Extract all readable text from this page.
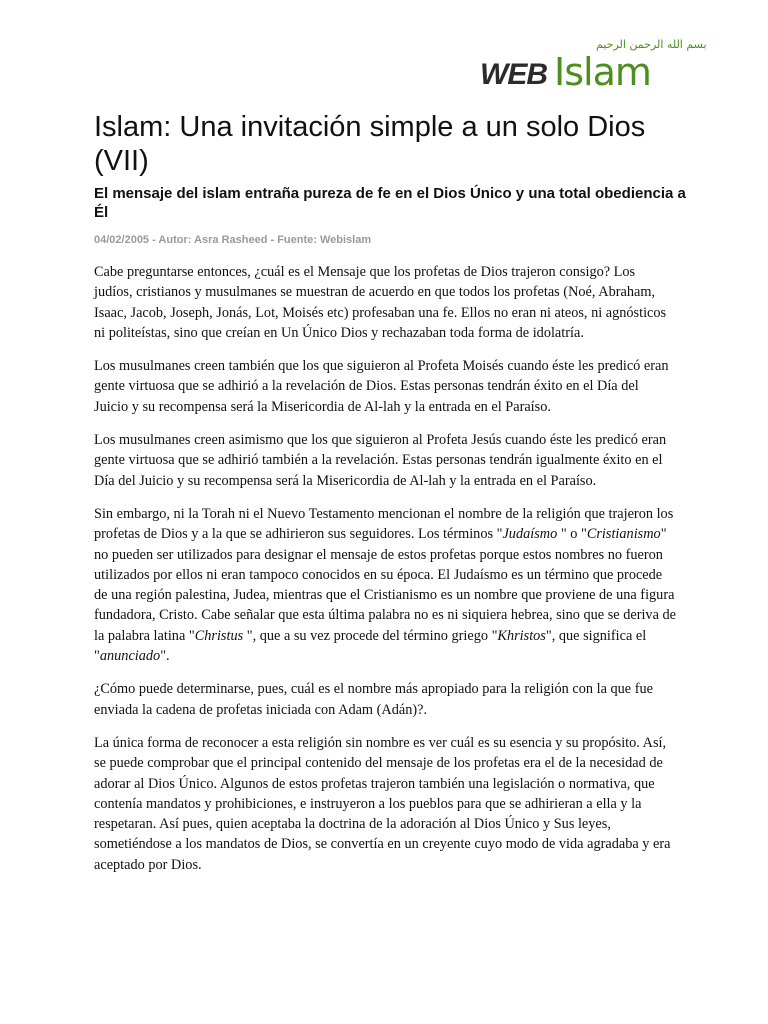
بسم الله الرحمن الرحيم
WEB Islam
Islam: Una invitación simple a un solo Dios (VII)

El mensaje del islam entraña pureza de fe en el Dios Único y una total obediencia a Él

04/02/2005 - Autor: Asra Rasheed - Fuente: Webislam

Cabe preguntarse entonces, ¿cuál es el Mensaje que los profetas de Dios trajeron consigo? Los judíos, cristianos y musulmanes se muestran de acuerdo en que todos los profetas (Noé, Abraham, Isaac, Jacob, Joseph, Jonás, Lot, Moisés etc) profesaban una fe. Ellos no eran ni ateos, ni agnósticos ni politeístas, sino que creían en Un Único Dios y rechazaban toda forma de idolatría.

Los musulmanes creen también que los que siguieron al Profeta Moisés cuando éste les predicó eran gente virtuosa que se adhirió a la revelación de Dios. Estas personas tendrán éxito en el Día del Juicio y su recompensa será la Misericordia de Al-lah y la entrada en el Paraíso.

Los musulmanes creen asimismo que los que siguieron al Profeta Jesús cuando éste les predicó eran gente virtuosa que se adhirió también a la revelación. Estas personas tendrán igualmente éxito en el Día del Juicio y su recompensa será la Misericordia de Al-lah y la entrada en el Paraíso.

Sin embargo, ni la Torah ni el Nuevo Testamento mencionan el nombre de la religión que trajeron los profetas de Dios y a la que se adhirieron sus seguidores. Los términos "Judaísmo " o "Cristianismo" no pueden ser utilizados para designar el mensaje de estos profetas porque estos nombres no fueron utilizados por ellos ni eran tampoco conocidos en su época. El Judaísmo es un término que procede de una región palestina, Judea, mientras que el Cristianismo es un nombre que proviene de una figura fundadora, Cristo. Cabe señalar que esta última palabra no es ni siquiera hebrea, sino que se deriva de la palabra latina "Christus ", que a su vez procede del término griego "Khristos", que significa el "anunciado".

¿Cómo puede determinarse, pues, cuál es el nombre más apropiado para la religión con la que fue enviada la cadena de profetas iniciada con Adam (Adán)?.

La única forma de reconocer a esta religión sin nombre es ver cuál es su esencia y su propósito. Así, se puede comprobar que el principal contenido del mensaje de los profetas era el de la necesidad de adorar al Dios Único. Algunos de estos profetas trajeron también una legislación o normativa, que contenía mandatos y prohibiciones, e instruyeron a los pueblos para que se adhirieran a ella y la respetaran. Así pues, quien aceptaba la doctrina de la adoración al Dios Único y Sus leyes, sometiéndose a los mandatos de Dios, se convertía en un creyente cuyo modo de vida agradaba y era aceptado por Dios.
